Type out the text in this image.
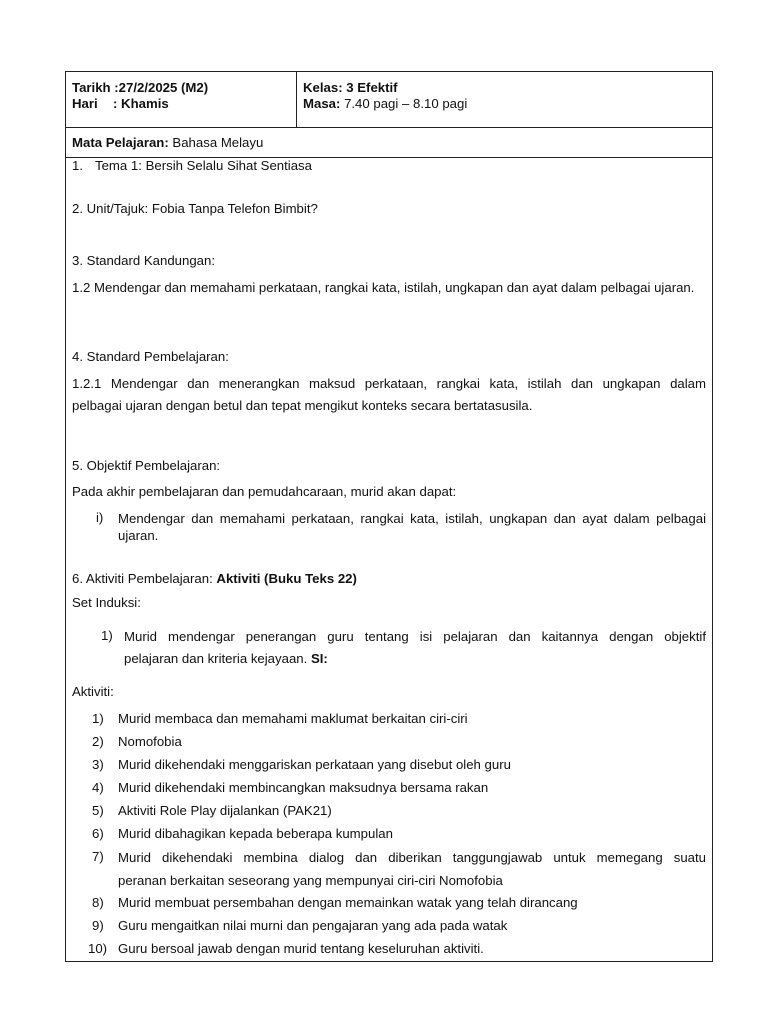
Tarikh :27/2/2025 (M2)
Hari : Khamis
Kelas: 3 Efektif
Masa: 7.40 pagi – 8.10 pagi
Mata Pelajaran: Bahasa Melayu
1. Tema 1: Bersih Selalu Sihat Sentiasa
2. Unit/Tajuk: Fobia Tanpa Telefon Bimbit?
3. Standard Kandungan:
1.2 Mendengar dan memahami perkataan, rangkai kata, istilah, ungkapan dan ayat dalam pelbagai ujaran.
4. Standard Pembelajaran:
1.2.1 Mendengar dan menerangkan maksud perkataan, rangkai kata, istilah dan ungkapan dalam
pelbagai ujaran dengan betul dan tepat mengikut konteks secara bertatasusila.
5. Objektif Pembelajaran:
Pada akhir pembelajaran dan pemudahcaraan, murid akan dapat:
i)	Mendengar dan memahami perkataan, rangkai kata, istilah, ungkapan dan ayat dalam pelbagai ujaran.
6. Aktiviti Pembelajaran: Aktiviti (Buku Teks 22)
Set Induksi:
1) Murid mendengar penerangan guru tentang isi pelajaran dan kaitannya dengan objektif
pelajaran dan kriteria kejayaan. SI:
Aktiviti:
1)	Murid membaca dan memahami maklumat berkaitan ciri-ciri
2)	Nomofobia
3)	Murid dikehendaki menggariskan perkataan yang disebut oleh guru
4)	Murid dikehendaki membincangkan maksudnya bersama rakan
5)	Aktiviti Role Play dijalankan (PAK21)
6)	Murid dibahagikan kepada beberapa kumpulan
7)	Murid dikehendaki membina dialog dan diberikan tanggungjawab untuk memegang suatu
peranan berkaitan seseorang yang mempunyai ciri-ciri Nomofobia
8)	Murid membuat persembahan dengan memainkan watak yang telah dirancang
9)	Guru mengaitkan nilai murni dan pengajaran yang ada pada watak
10) Guru bersoal jawab dengan murid tentang keseluruhan aktiviti.
